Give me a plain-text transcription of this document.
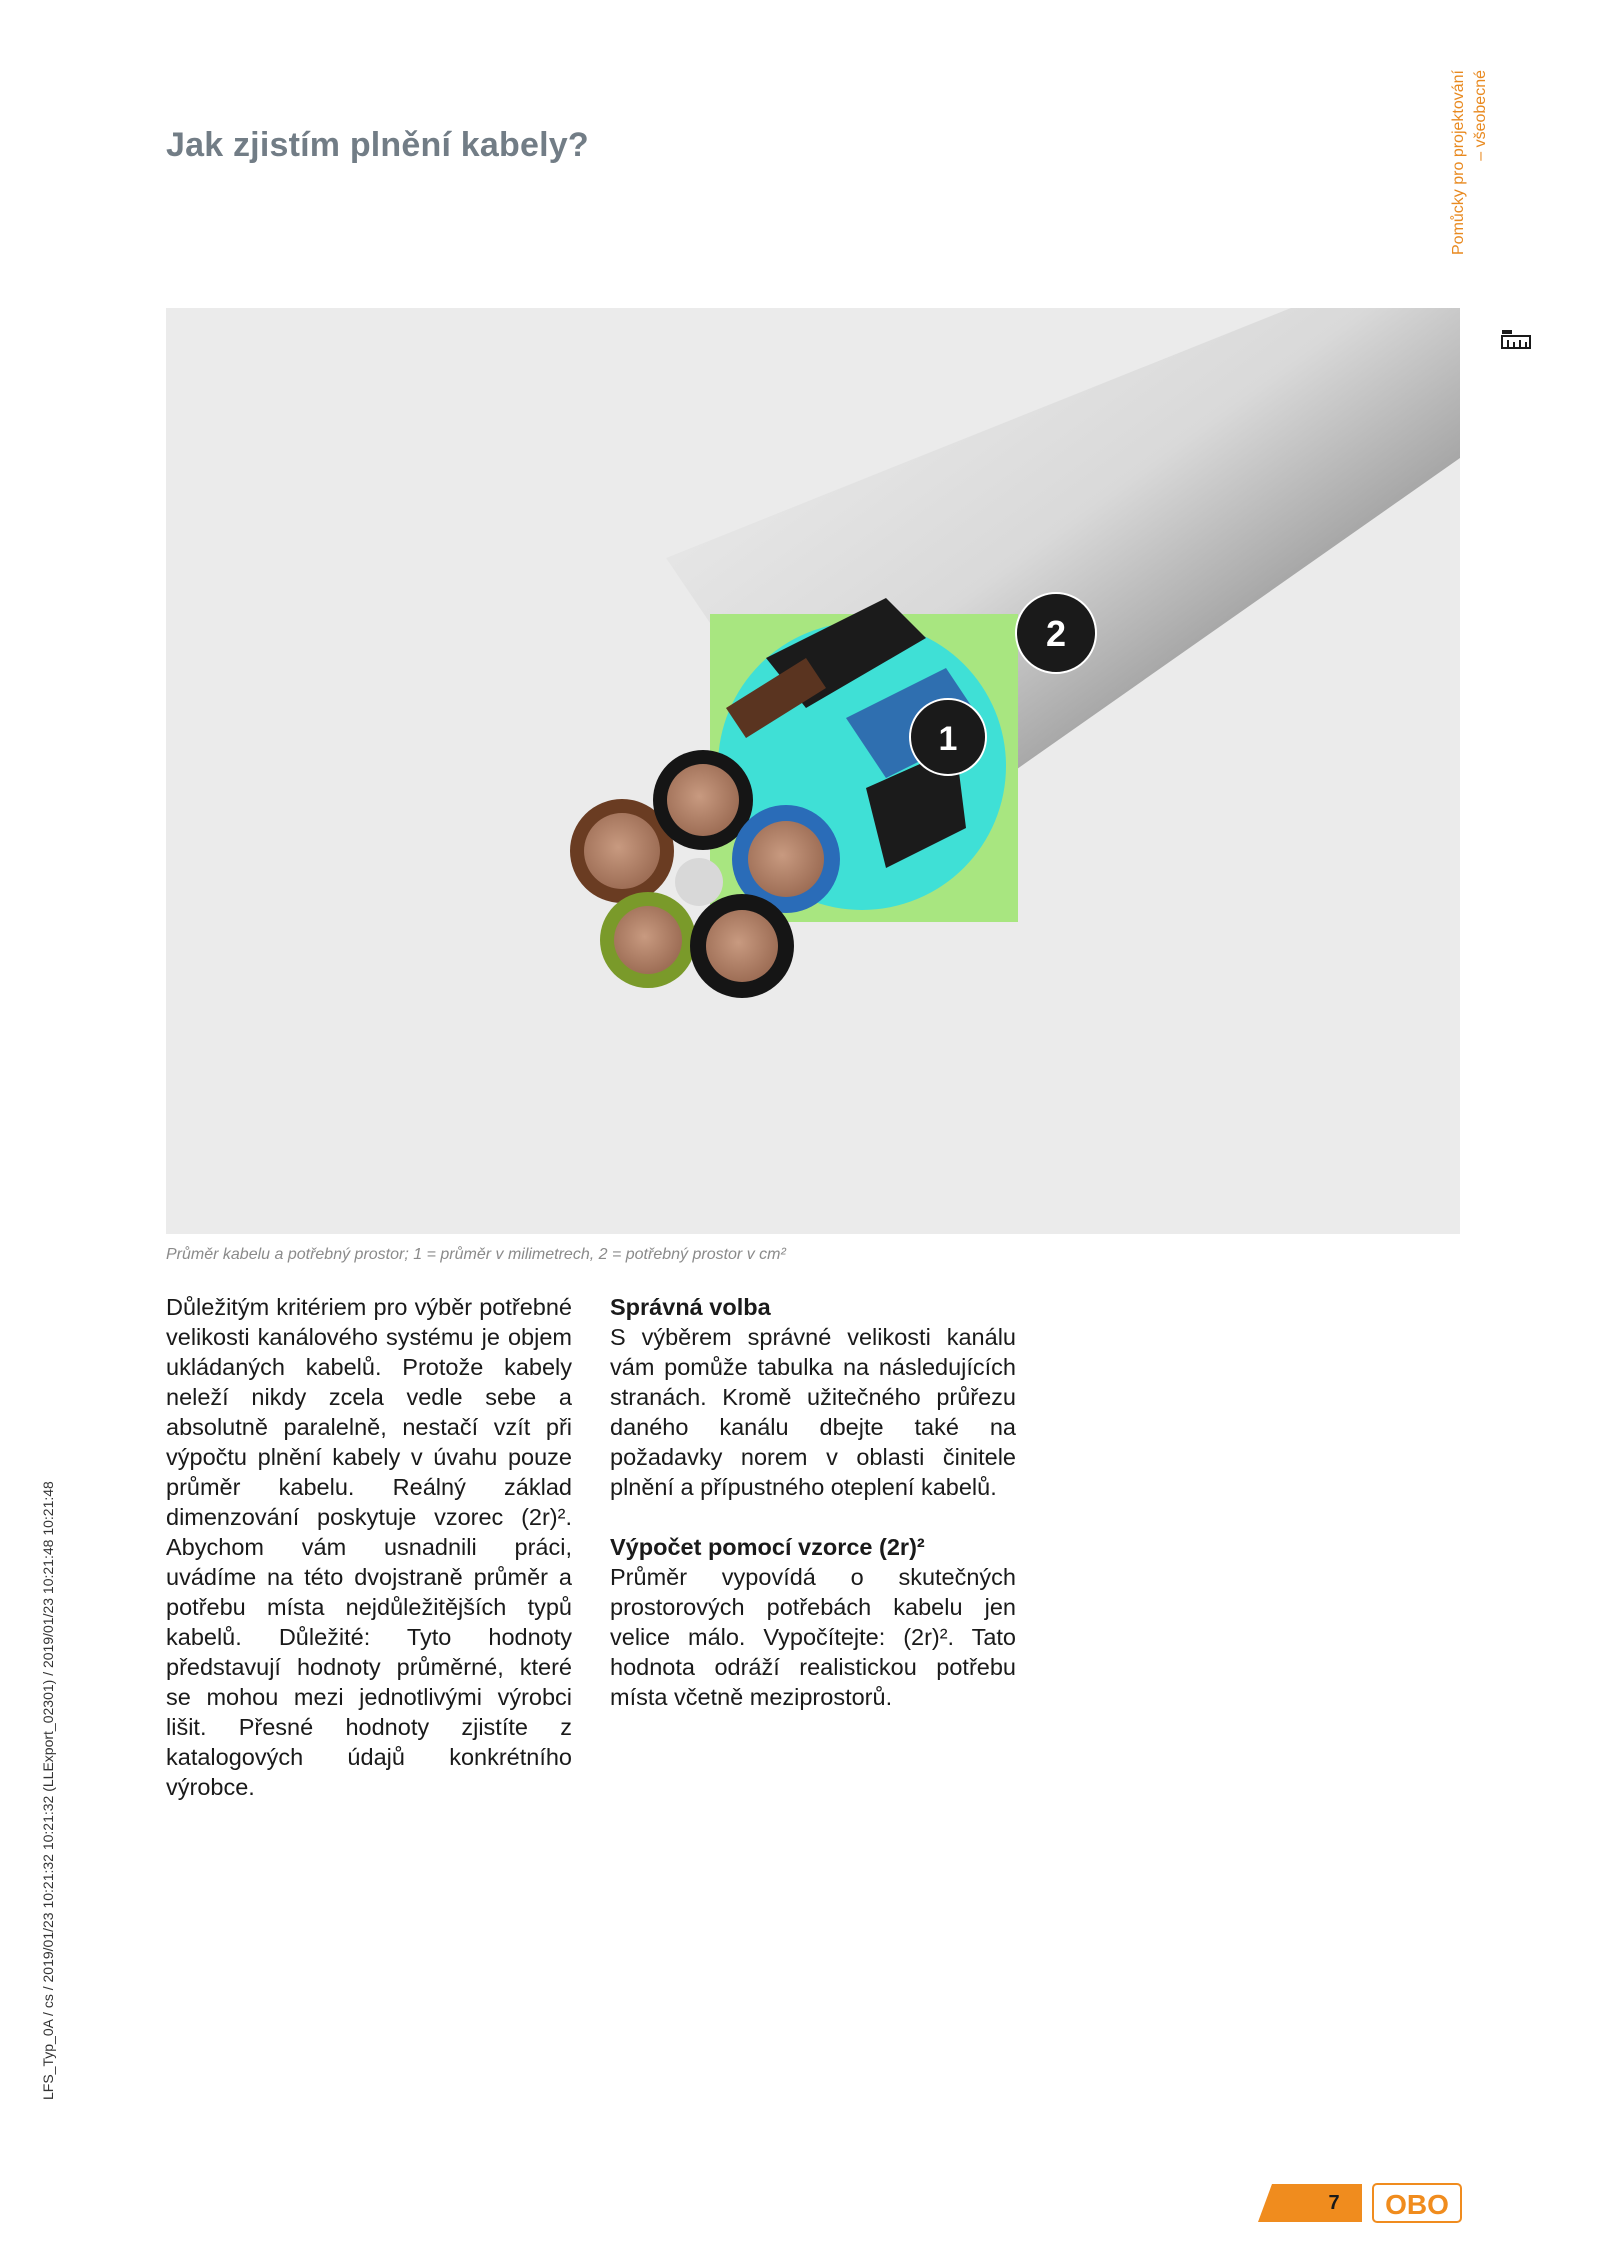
Jak zjistím plnění kabely?
Pomůcky pro projektování
– všeobecné
2
1
Průměr kabelu a potřebný prostor; 1 = průměr v milimetrech, 2 = potřebný prostor v cm²

Důležitým kritériem pro výběr potřebné velikosti kanálového systému je objem ukládaných kabelů. Protože kabely neleží nikdy zcela vedle sebe a absolutně paralelně, nestačí vzít při výpočtu plnění kabely v úvahu pouze průměr kabelu. Reálný základ dimenzování poskytuje vzorec (2r)². Abychom vám usnadnili práci, uvádíme na této dvojstraně průměr a potřebu místa nejdůležitějších typů kabelů. Důležité: Tyto hodnoty představují hodnoty průměrné, které se mohou mezi jednotlivými výrobci lišit. Přesné hodnoty zjistíte z katalogových údajů konkrétního výrobce.

Správná volba

S výběrem správné velikosti kanálu vám pomůže tabulka na následujících stranách. Kromě užitečného průřezu daného kanálu dbejte také na požadavky norem v oblasti činitele plnění a přípustného oteplení kabelů.

Výpočet pomocí vzorce (2r)²

Průměr vypovídá o skutečných prostorových potřebách kabelu jen velice málo. Vypočítejte: (2r)². Tato hodnota odráží realistickou potřebu místa včetně meziprostorů.

LFS_Typ_0A / cs / 2019/01/23 10:21:32 10:21:32 (LLExport_02301) / 2019/01/23 10:21:48 10:21:48
7	OBO
